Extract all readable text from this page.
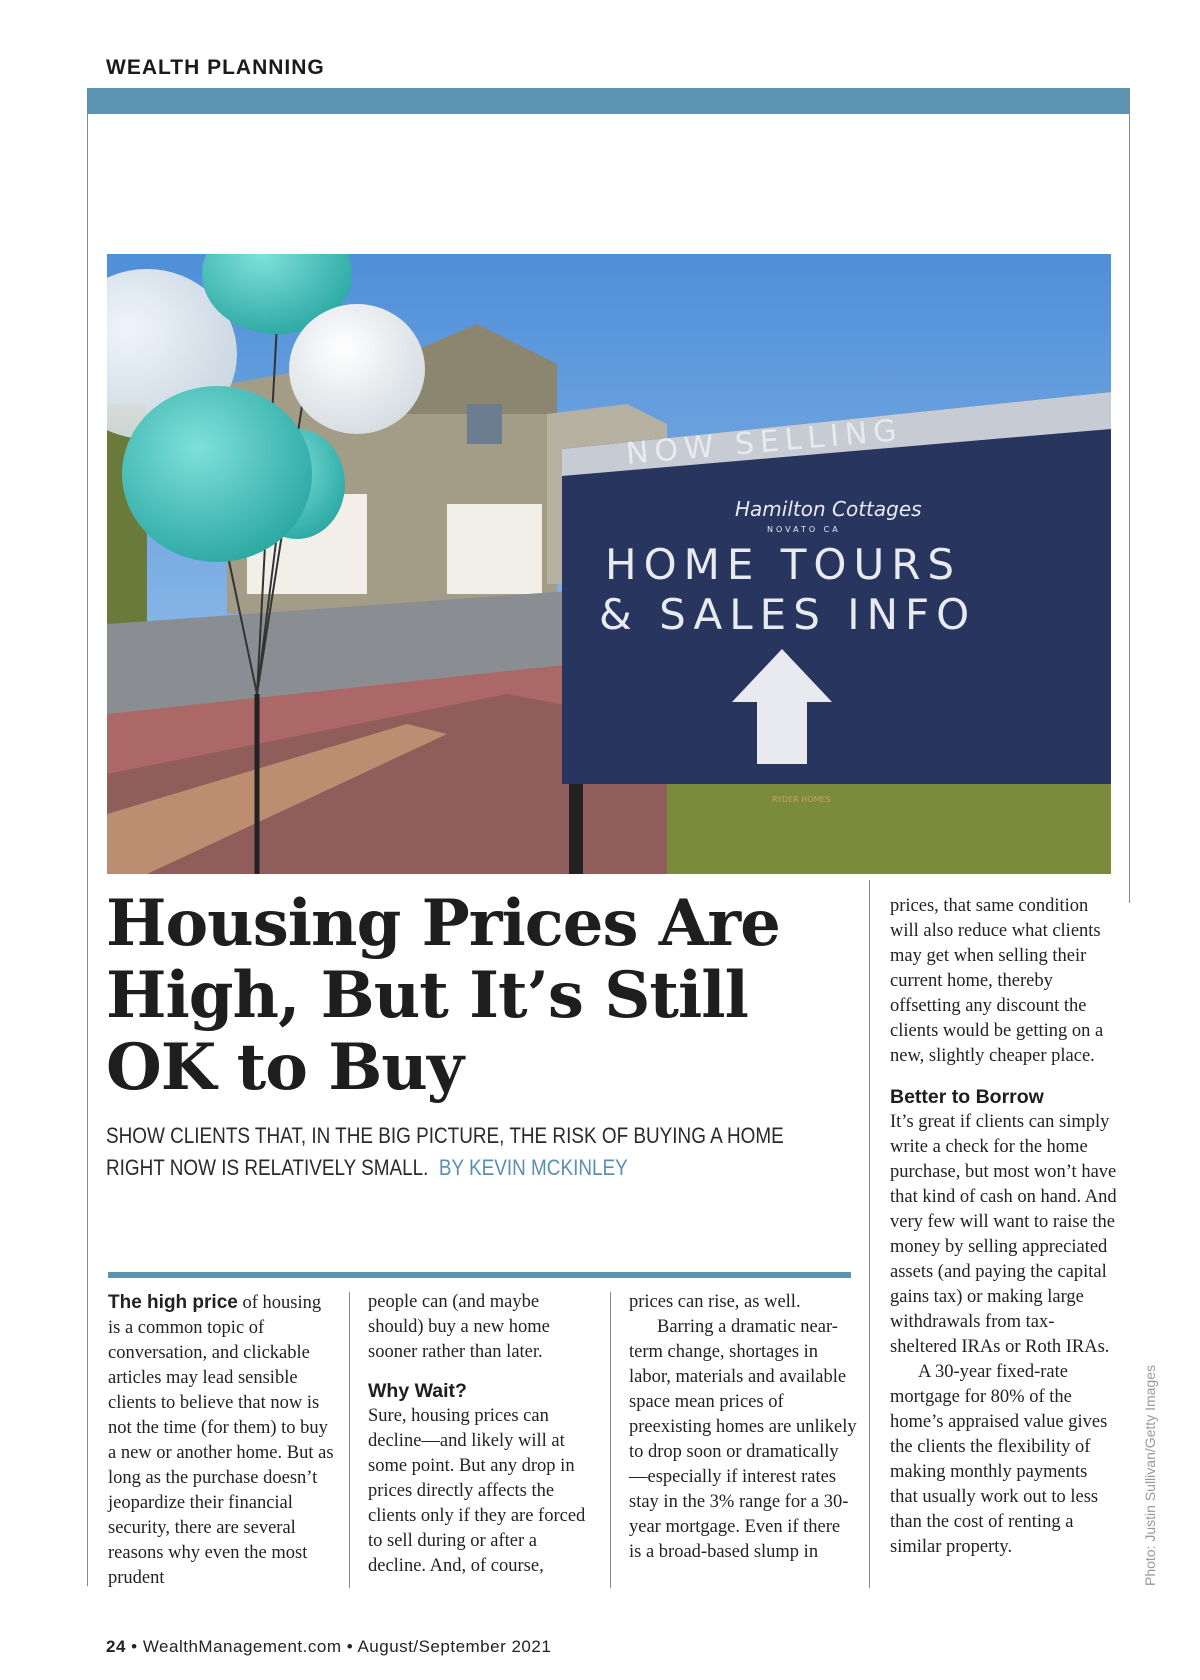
WEALTH PLANNING
NOW SELLING
Hamilton Cottages
NOVATO CA
HOME TOURS
& SALES INFO
RYDER HOMES
Housing Prices Are
High, But It’s Still
OK to Buy
SHOW CLIENTS THAT, IN THE BIG PICTURE, THE RISK OF BUYING A HOME RIGHT NOW IS RELATIVELY SMALL. BY KEVIN MCKINLEY

The high price of housing is a common topic of conversation, and clickable articles may lead sensible clients to believe that now is not the time (for them) to buy a new or another home. But as long as the purchase doesn’t jeopardize their financial security, there are several reasons why even the most prudent

people can (and maybe should) buy a new home sooner rather than later.

Why Wait?

Sure, housing prices can decline—and likely will at some point. But any drop in prices directly affects the clients only if they are forced to sell during or after a decline. And, of course,

prices can rise, as well.

Barring a dramatic near-term change, shortages in labor, materials and available space mean prices of preexisting homes are unlikely to drop soon or dramatically—especially if interest rates stay in the 3% range for a 30-year mortgage. Even if there is a broad-based slump in

prices, that same condition will also reduce what clients may get when selling their current home, thereby offsetting any discount the clients would be getting on a new, slightly cheaper place.

Better to Borrow

It’s great if clients can simply write a check for the home purchase, but most won’t have that kind of cash on hand. And very few will want to raise the money by selling appreciated assets (and paying the capital gains tax) or making large withdrawals from tax-sheltered IRAs or Roth IRAs.

A 30-year fixed-rate mortgage for 80% of the home’s appraised value gives the clients the flexibility of making monthly payments that usually work out to less than the cost of renting a similar property.	Photo: Justin Sullivan/Getty Images
24 • WealthManagement.com • August/September 2021
